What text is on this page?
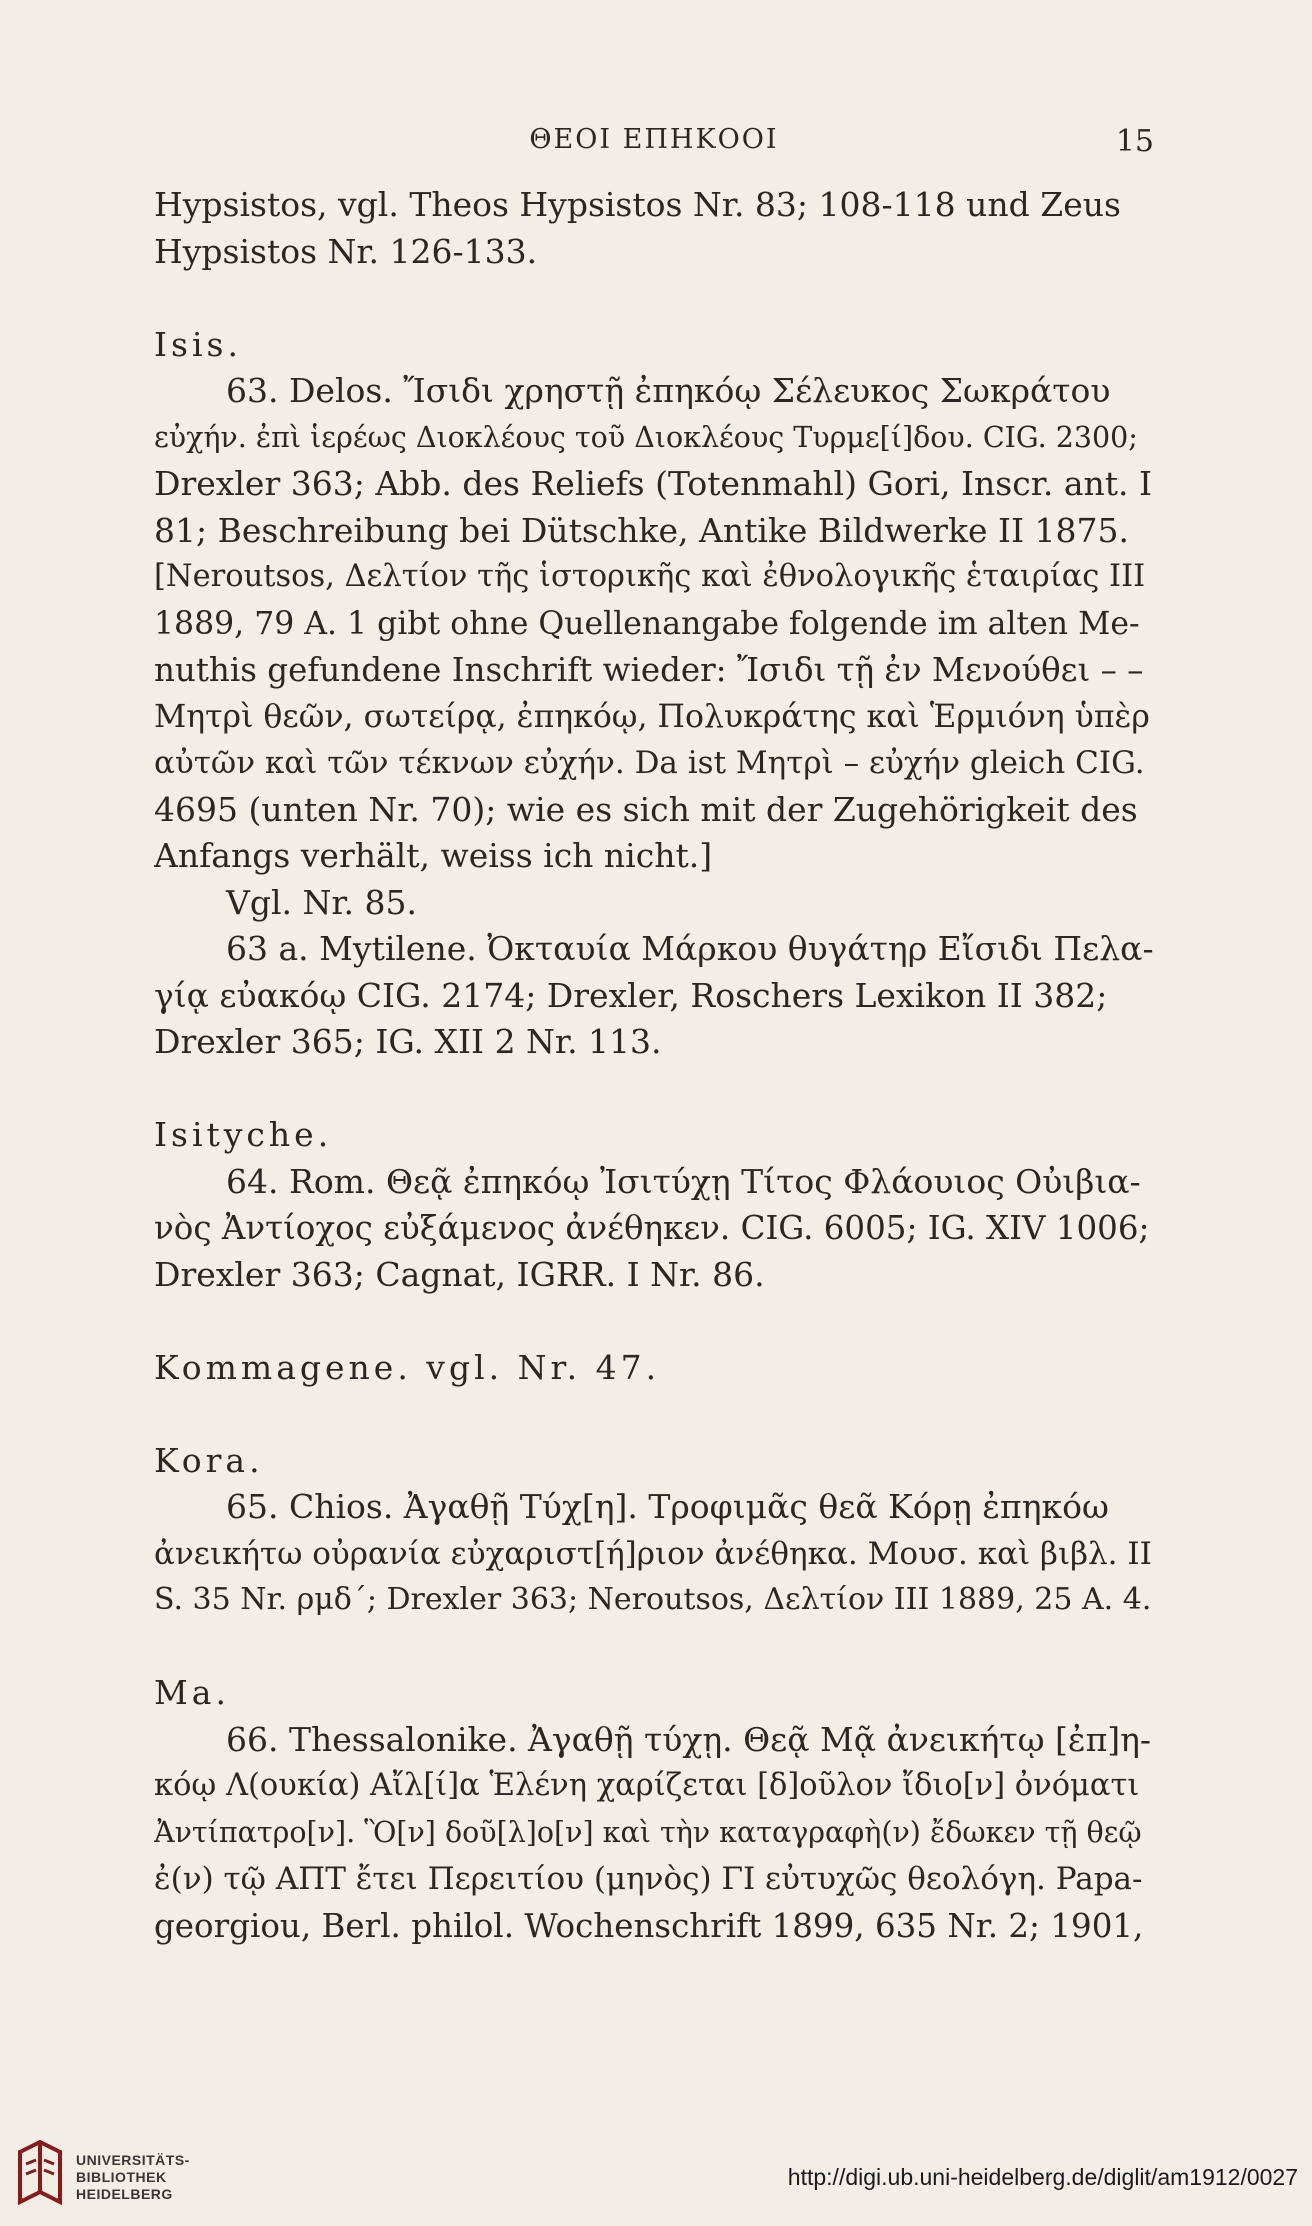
ΘΕΟΙ ΕΠΗΚΟΟΙ	15
Hypsistos, vgl. Theos Hypsistos Nr. 83; 108-118 und Zeus
Hypsistos Nr. 126-133.
Isis.
63. Delos. Ἴσιδι χρηστῇ ἐπηκόῳ Σέλευκος Σωκράτου
εὐχήν. ἐπὶ ἱερέως Διοκλέους τοῦ Διοκλέους Τυρμε[ί]δου. CIG. 2300;
Drexler 363; Abb. des Reliefs (Totenmahl) Gori, Inscr. ant. I
81; Beschreibung bei Dütschke, Antike Bildwerke II 1875.
[Neroutsos, Δελτίον τῆς ἱστορικῆς καὶ ἐθνολογικῆς ἑταιρίας III
1889, 79 A. 1 gibt ohne Quellenangabe folgende im alten Me-
nuthis gefundene Inschrift wieder: Ἴσιδι τῇ ἐν Μενούθει – –
Μητρὶ θεῶν, σωτείρᾳ, ἐπηκόῳ, Πολυκράτης καὶ Ἑρμιόνη ὑπὲρ
αὐτῶν καὶ τῶν τέκνων εὐχήν. Da ist Μητρὶ – εὐχήν gleich CIG.
4695 (unten Nr. 70); wie es sich mit der Zugehörigkeit des
Anfangs verhält, weiss ich nicht.]
Vgl. Nr. 85.
63 a. Mytilene. Ὀκταυία Μάρκου θυγάτηρ Εἴσιδι Πελα-
γίᾳ εὐακόῳ CIG. 2174; Drexler, Roschers Lexikon II 382;
Drexler 365; IG. XII 2 Nr. 113.
Isityche.
64. Rom. Θεᾷ ἐπηκόῳ Ἰσιτύχῃ Τίτος Φλάουιος Οὐιβια-
νὸς Ἀντίοχος εὐξάμενος ἀνέθηκεν. CIG. 6005; IG. XIV 1006;
Drexler 363; Cagnat, IGRR. I Nr. 86.
Kommagene. vgl. Nr. 47.
Kora.
65. Chios. Ἀγαθῇ Τύχ[η]. Τροφιμᾶς θεᾶ Κόρῃ ἐπηκόω
ἀνεικήτω οὐρανία εὐχαριστ[ή]ριον ἀνέθηκα. Μουσ. καὶ βιβλ. II
S. 35 Nr. ρμδ΄; Drexler 363; Neroutsos, Δελτίον III 1889, 25 A. 4.
Ma.
66. Thessalonike. Ἀγαθῇ τύχῃ. Θεᾷ Μᾷ ἀνεικήτῳ [ἐπ]η-
κόῳ Λ(ουκία) Αἴλ[ί]α Ἑλένη χαρίζεται [δ]οῦλον ἴδιο[ν] ὀνόματι
Ἀντίπατρο[ν]. Ὃ[ν] δοῦ[λ]ο[ν] καὶ τὴν καταγραφὴ(ν) ἔδωκεν τῇ θεῷ
ἐ(ν) τῷ ΑΠΤ ἔτει Περειτίου (μηνὸς) ΓΙ εὐτυχῶς θεολόγη. Papa-
georgiou, Berl. philol. Wochenschrift 1899, 635 Nr. 2; 1901,
UNIVERSITÄTS-
BIBLIOTHEK
HEIDELBERG
http://digi.ub.uni-heidelberg.de/diglit/am1912/0027
